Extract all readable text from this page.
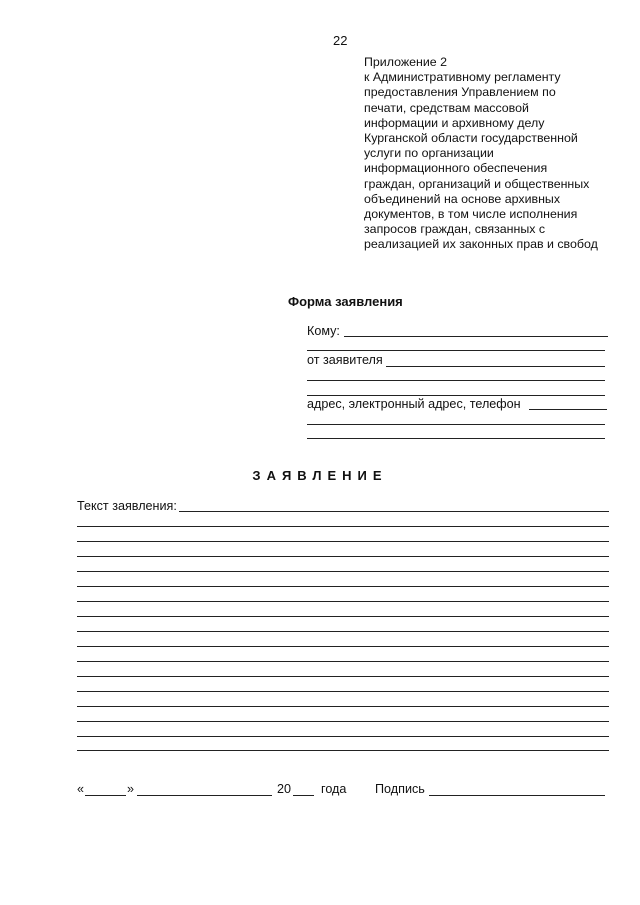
22
Приложение 2
к Административному регламенту
предоставления Управлением по
печати, средствам массовой
информации и архивному делу
Курганской области государственной
услуги по организации
информационного обеспечения
граждан, организаций и общественных
объединений на основе архивных
документов, в том числе исполнения
запросов граждан, связанных с
реализацией их законных прав и свобод
Форма заявления
Кому:
от заявителя
адрес, электронный адрес, телефон
ЗАЯВЛЕНИЕ
Текст заявления:
«	»	20 года Подпись
